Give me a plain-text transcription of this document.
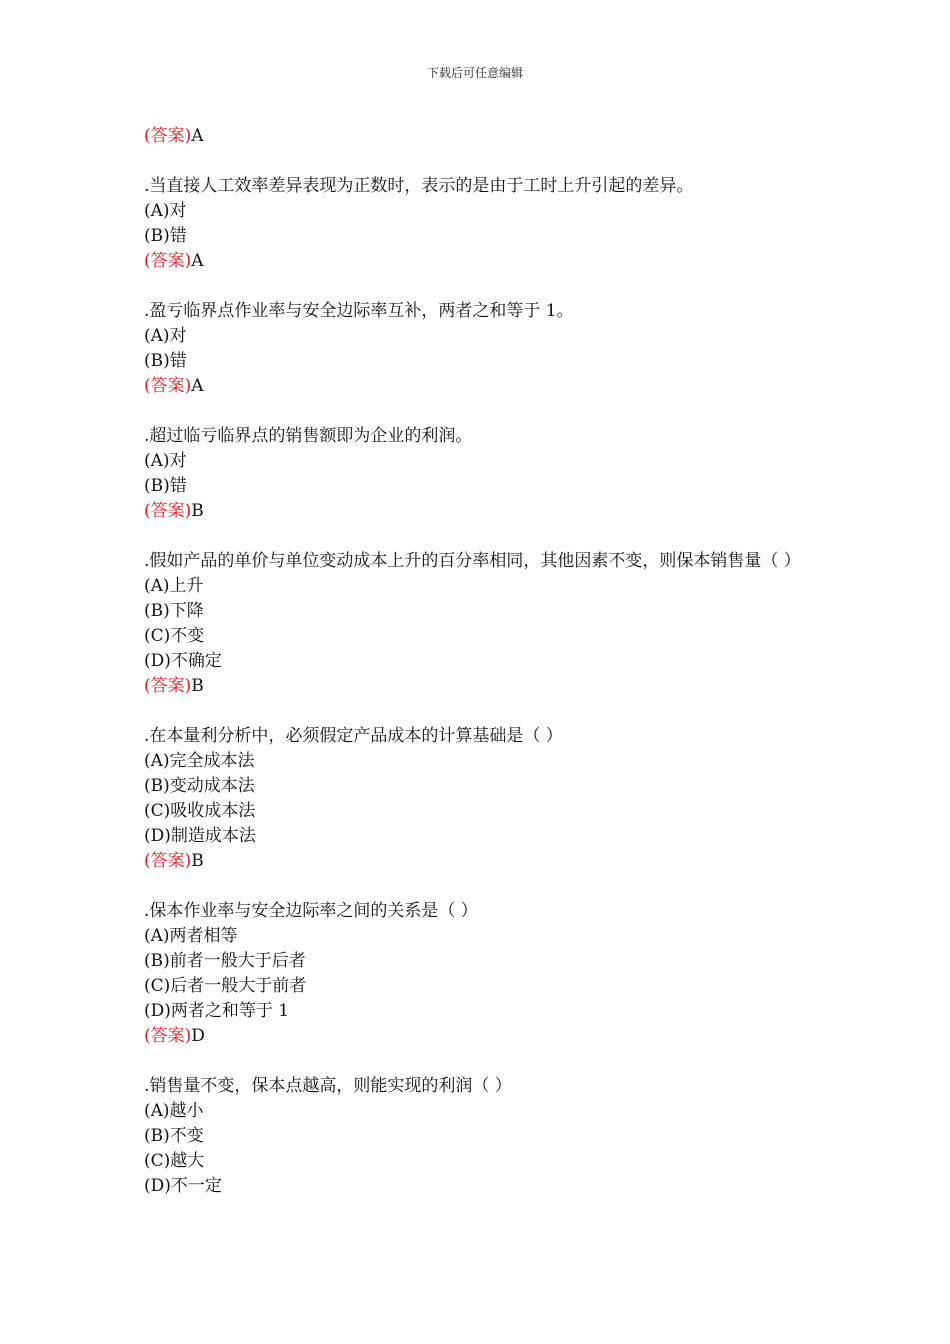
下载后可任意编辑

(答案)A

.当直接人工效率差异表现为正数时，表示的是由于工时上升引起的差异。

(A)对

(B)错

(答案)A

.盈亏临界点作业率与安全边际率互补，两者之和等于 1。

(A)对

(B)错

(答案)A

.超过临亏临界点的销售额即为企业的利润。

(A)对

(B)错

(答案)B

.假如产品的单价与单位变动成本上升的百分率相同，其他因素不变，则保本销售量（ ）

(A)上升

(B)下降

(C)不变

(D)不确定

(答案)B

.在本量利分析中，必须假定产品成本的计算基础是（ ）

(A)完全成本法

(B)变动成本法

(C)吸收成本法

(D)制造成本法

(答案)B

.保本作业率与安全边际率之间的关系是（ ）

(A)两者相等

(B)前者一般大于后者

(C)后者一般大于前者

(D)两者之和等于 1

(答案)D

.销售量不变，保本点越高，则能实现的利润（ ）

(A)越小

(B)不变

(C)越大

(D)不一定
